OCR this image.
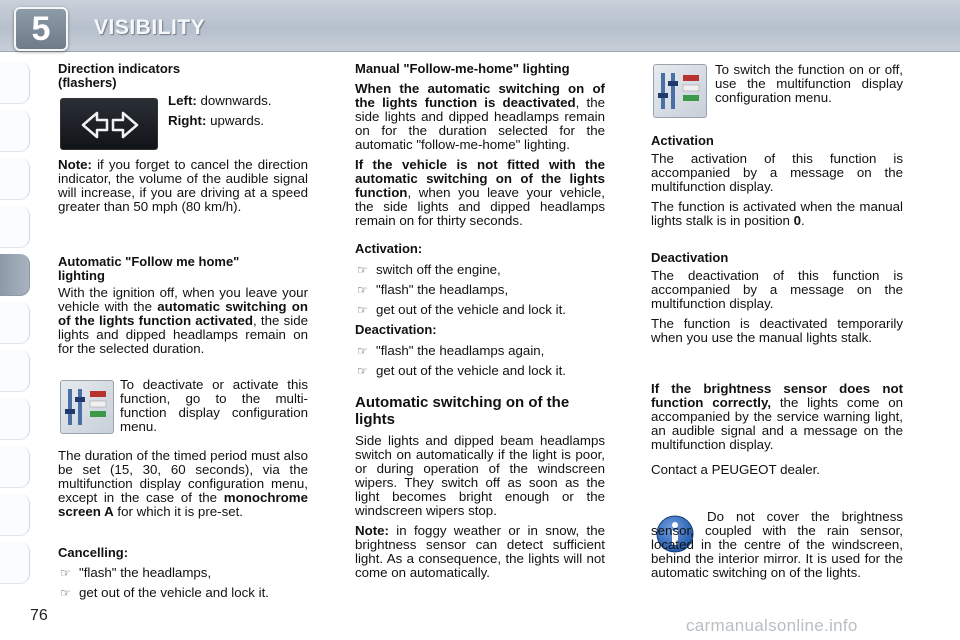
5	VISIBILITY
Direction indicators (flashers)

Left: downwards.

Right: upwards.

Note: if you forget to cancel the direction indicator, the volume of the audible signal will increase, if you are driving at a speed greater than 50 mph (80 km/h).

Automatic "Follow me home" lighting

With the ignition off, when you leave your vehicle with the automatic switching on of the lights function activated, the side lights and dipped headlamps remain on for the selected duration.

To deactivate or activate this function, go to the multi-function display configuration menu.

The duration of the timed period must also be set (15, 30, 60 seconds), via the multifunction display configuration menu, except in the case of the monochrome screen A for which it is pre-set.

Cancelling:
☞ "flash" the headlamps,
☞ get out of the vehicle and lock it.
Manual "Follow-me-home" lighting

When the automatic switching on of the lights function is deactivated, the side lights and dipped headlamps remain on for the duration selected for the automatic "follow-me-home" lighting.

If the vehicle is not fitted with the automatic switching on of the lights function, when you leave your vehicle, the side lights and dipped headlamps remain on for thirty seconds.

Activation:
☞ switch off the engine,
☞ "flash" the headlamps,
☞ get out of the vehicle and lock it.
Deactivation:
☞ "flash" the headlamps again,
☞ get out of the vehicle and lock it.
Automatic switching on of the lights

Side lights and dipped beam headlamps switch on automatically if the light is poor, or during operation of the windscreen wipers. They switch off as soon as the light becomes bright enough or the windscreen wipers stop.

Note: in foggy weather or in snow, the brightness sensor can detect sufficient light. As a consequence, the lights will not come on automatically.

To switch the function on or off, use the multifunction display configuration menu.

Activation

The activation of this function is accompanied by a message on the multifunction display.

The function is activated when the manual lights stalk is in position 0.

Deactivation

The deactivation of this function is accompanied by a message on the multifunction display.

The function is deactivated temporarily when you use the manual lights stalk.

If the brightness sensor does not function correctly, the lights come on accompanied by the service warning light, an audible signal and a message on the multifunction display.

Contact a PEUGEOT dealer.

Do not cover the brightness sensor, coupled with the rain sensor, located in the centre of the windscreen, behind the interior mirror. It is used for the automatic switching on of the lights.

76
carmanualsonline.info
